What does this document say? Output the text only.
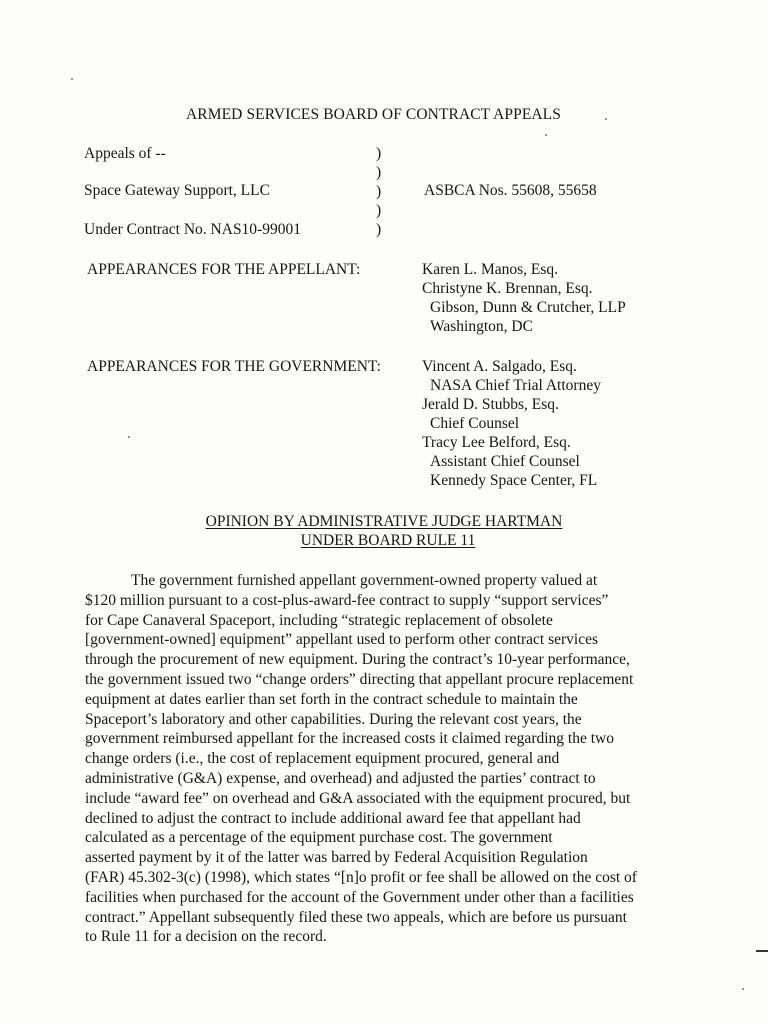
ARMED SERVICES BOARD OF CONTRACT APPEALS
Appeals of --
Space Gateway Support, LLC
Under Contract No. NAS10-99001
)
)
)
)
)
ASBCA Nos. 55608, 55658
APPEARANCES FOR THE APPELLANT:	Karen L. Manos, Esq.
Christyne K. Brennan, Esq.
Gibson, Dunn & Crutcher, LLP
Washington, DC
APPEARANCES FOR THE GOVERNMENT:	Vincent A. Salgado, Esq.
NASA Chief Trial Attorney
Jerald D. Stubbs, Esq.
Chief Counsel
Tracy Lee Belford, Esq.
Assistant Chief Counsel
Kennedy Space Center, FL
OPINION BY ADMINISTRATIVE JUDGE HARTMAN
UNDER BOARD RULE 11
The government furnished appellant government-owned property valued at
$120 million pursuant to a cost-plus-award-fee contract to supply “support services”
for Cape Canaveral Spaceport, including “strategic replacement of obsolete
[government-owned] equipment” appellant used to perform other contract services
through the procurement of new equipment. During the contract’s 10-year performance,
the government issued two “change orders” directing that appellant procure replacement
equipment at dates earlier than set forth in the contract schedule to maintain the
Spaceport’s laboratory and other capabilities. During the relevant cost years, the
government reimbursed appellant for the increased costs it claimed regarding the two
change orders (i.e., the cost of replacement equipment procured, general and
administrative (G&A) expense, and overhead) and adjusted the parties’ contract to
include “award fee” on overhead and G&A associated with the equipment procured, but
declined to adjust the contract to include additional award fee that appellant had
calculated as a percentage of the equipment purchase cost. The government
asserted payment by it of the latter was barred by Federal Acquisition Regulation
(FAR) 45.302-3(c) (1998), which states “[n]o profit or fee shall be allowed on the cost of
facilities when purchased for the account of the Government under other than a facilities
contract.” Appellant subsequently filed these two appeals, which are before us pursuant
to Rule 11 for a decision on the record.
